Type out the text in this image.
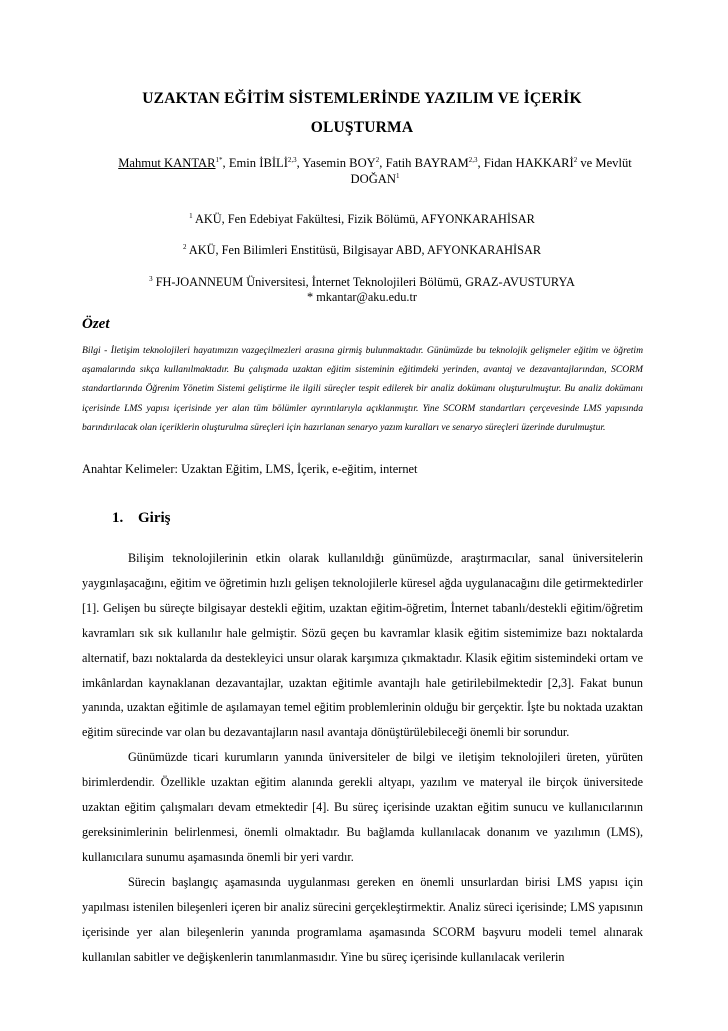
UZAKTAN EĞİTİM SİSTEMLERİNDE YAZILIM VE İÇERİK
OLUŞTURMA
Mahmut $KANTAR^{1*}$, Emin İBİLİ$^{2,3}$, Yasemin BOY$^2$, Fatih BAYRAM$^{2,3}$, Fidan HAKKARİ$^2$ ve Mevlüt DOĞAN$^1$
$^1$ AKÜ, Fen Edebiyat Fakültesi, Fizik Bölümü, AFYONKARAHİSAR
$^2$ AKÜ, Fen Bilimleri Enstitüsü, Bilgisayar ABD, AFYONKARAHİSAR
$^3$ FH-JOANNEUM Üniversitesi, İnternet Teknolojileri Bölümü, GRAZ-AVUSTURYA
* mkantar@aku.edu.tr
Özet
Bilgi - İletişim teknolojileri hayatımızın vazgeçilmezleri arasına girmiş bulunmaktadır. Günümüzde bu teknolojik gelişmeler eğitim ve öğretim aşamalarında sıkça kullanılmaktadır. Bu çalışmada uzaktan eğitim sisteminin eğitimdeki yerinden, avantaj ve dezavantajlarından, SCORM standartlarında Öğrenim Yönetim Sistemi geliştirme ile ilgili süreçler tespit edilerek bir analiz dokümanı oluşturulmuştur. Bu analiz dokümanı içerisinde LMS yapısı içerisinde yer alan tüm bölümler ayrıntılarıyla açıklanmıştır. Yine SCORM standartları çerçevesinde LMS yapısında barındırılacak olan içeriklerin oluşturulma süreçleri için hazırlanan senaryo yazım kuralları ve senaryo süreçleri üzerinde durulmuştur.
Anahtar Kelimeler: Uzaktan Eğitim, LMS, İçerik, e-eğitim, internet
1. Giriş

Bilişim teknolojilerinin etkin olarak kullanıldığı günümüzde, araştırmacılar, sanal üniversitelerin yaygınlaşacağını, eğitim ve öğretimin hızlı gelişen teknolojilerle küresel ağda uygulanacağını dile getirmektedirler [1]. Gelişen bu süreçte bilgisayar destekli eğitim, uzaktan eğitim-öğretim, İnternet tabanlı/destekli eğitim/öğretim kavramları sık sık kullanılır hale gelmiştir. Sözü geçen bu kavramlar klasik eğitim sistemimize bazı noktalarda alternatif, bazı noktalarda da destekleyici unsur olarak karşımıza çıkmaktadır. Klasik eğitim sistemindeki ortam ve imkânlardan kaynaklanan dezavantajlar, uzaktan eğitimle avantajlı hale getirilebilmektedir [2,3]. Fakat bunun yanında, uzaktan eğitimle de aşılamayan temel eğitim problemlerinin olduğu bir gerçektir. İşte bu noktada uzaktan eğitim sürecinde var olan bu dezavantajların nasıl avantaja dönüştürülebileceği önemli bir sorundur.

Günümüzde ticari kurumların yanında üniversiteler de bilgi ve iletişim teknolojileri üreten, yürüten birimlerdendir. Özellikle uzaktan eğitim alanında gerekli altyapı, yazılım ve materyal ile birçok üniversitede uzaktan eğitim çalışmaları devam etmektedir [4]. Bu süreç içerisinde uzaktan eğitim sunucu ve kullanıcılarının gereksinimlerinin belirlenmesi, önemli olmaktadır. Bu bağlamda kullanılacak donanım ve yazılımın (LMS), kullanıcılara sunumu aşamasında önemli bir yeri vardır.

Sürecin başlangıç aşamasında uygulanması gereken en önemli unsurlardan birisi LMS yapısı için yapılması istenilen bileşenleri içeren bir analiz sürecini gerçekleştirmektir. Analiz süreci içerisinde; LMS yapısının içerisinde yer alan bileşenlerin yanında programlama aşamasında SCORM başvuru modeli temel alınarak kullanılan sabitler ve değişkenlerin tanımlanmasıdır. Yine bu süreç içerisinde kullanılacak verilerin
